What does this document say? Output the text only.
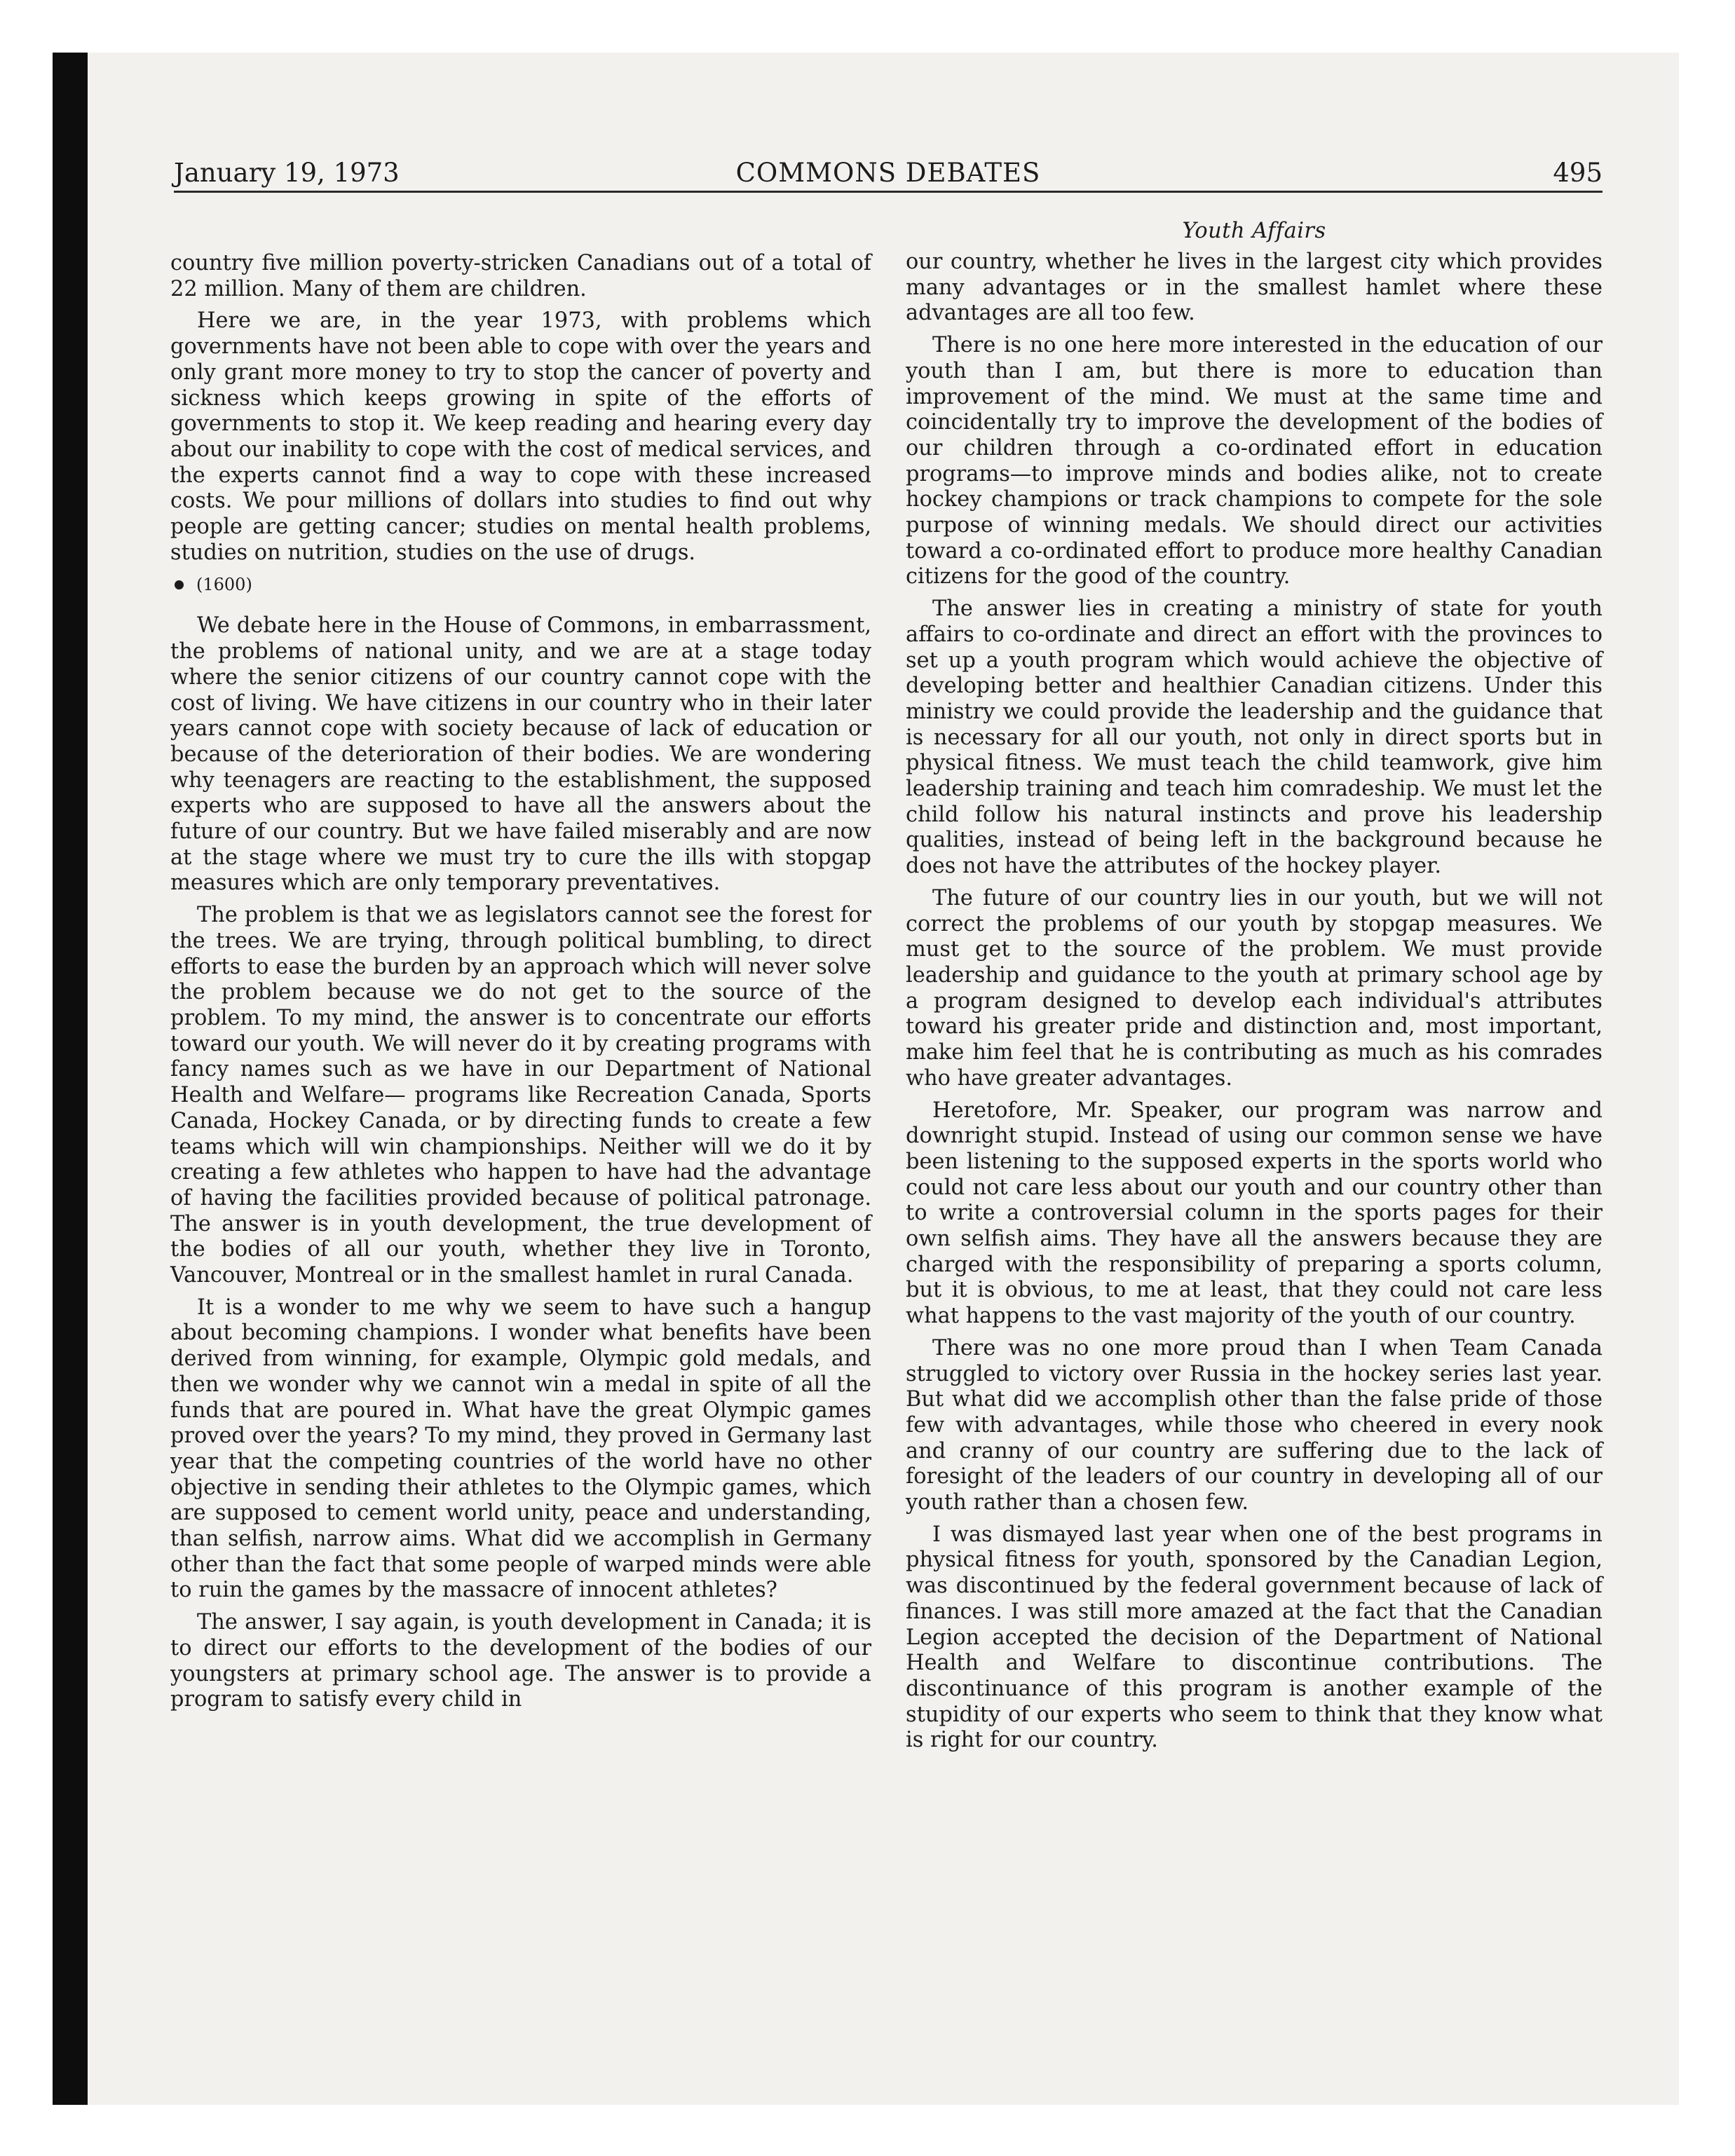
January 19, 1973	COMMONS DEBATES	495

country five million poverty-stricken Canadians out of a total of 22 million. Many of them are children.

Here we are, in the year 1973, with problems which governments have not been able to cope with over the years and only grant more money to try to stop the cancer of poverty and sickness which keeps growing in spite of the efforts of governments to stop it. We keep reading and hearing every day about our inability to cope with the cost of medical services, and the experts cannot find a way to cope with these increased costs. We pour millions of dollars into studies to find out why people are getting cancer; studies on mental health problems, studies on nutrition, studies on the use of drugs.

(1600)

We debate here in the House of Commons, in embarrassment, the problems of national unity, and we are at a stage today where the senior citizens of our country cannot cope with the cost of living. We have citizens in our country who in their later years cannot cope with society because of lack of education or because of the deterioration of their bodies. We are wondering why teenagers are reacting to the establishment, the supposed experts who are supposed to have all the answers about the future of our country. But we have failed miserably and are now at the stage where we must try to cure the ills with stopgap measures which are only temporary preventatives.

The problem is that we as legislators cannot see the forest for the trees. We are trying, through political bumbling, to direct efforts to ease the burden by an approach which will never solve the problem because we do not get to the source of the problem. To my mind, the answer is to concentrate our efforts toward our youth. We will never do it by creating programs with fancy names such as we have in our Department of National Health and Welfare— programs like Recreation Canada, Sports Canada, Hockey Canada, or by directing funds to create a few teams which will win championships. Neither will we do it by creating a few athletes who happen to have had the advantage of having the facilities provided because of political patronage. The answer is in youth development, the true development of the bodies of all our youth, whether they live in Toronto, Vancouver, Montreal or in the smallest hamlet in rural Canada.

It is a wonder to me why we seem to have such a hangup about becoming champions. I wonder what benefits have been derived from winning, for example, Olympic gold medals, and then we wonder why we cannot win a medal in spite of all the funds that are poured in. What have the great Olympic games proved over the years? To my mind, they proved in Germany last year that the competing countries of the world have no other objective in sending their athletes to the Olympic games, which are supposed to cement world unity, peace and understanding, than selfish, narrow aims. What did we accomplish in Germany other than the fact that some people of warped minds were able to ruin the games by the massacre of innocent athletes?

The answer, I say again, is youth development in Canada; it is to direct our efforts to the development of the bodies of our youngsters at primary school age. The answer is to provide a program to satisfy every child in

Youth Affairs

our country, whether he lives in the largest city which provides many advantages or in the smallest hamlet where these advantages are all too few.

There is no one here more interested in the education of our youth than I am, but there is more to education than improvement of the mind. We must at the same time and coincidentally try to improve the development of the bodies of our children through a co-ordinated effort in education programs—to improve minds and bodies alike, not to create hockey champions or track champions to compete for the sole purpose of winning medals. We should direct our activities toward a co-ordinated effort to produce more healthy Canadian citizens for the good of the country.

The answer lies in creating a ministry of state for youth affairs to co-ordinate and direct an effort with the provinces to set up a youth program which would achieve the objective of developing better and healthier Canadian citizens. Under this ministry we could provide the leadership and the guidance that is necessary for all our youth, not only in direct sports but in physical fitness. We must teach the child teamwork, give him leadership training and teach him comradeship. We must let the child follow his natural instincts and prove his leadership qualities, instead of being left in the background because he does not have the attributes of the hockey player.

The future of our country lies in our youth, but we will not correct the problems of our youth by stopgap measures. We must get to the source of the problem. We must provide leadership and guidance to the youth at primary school age by a program designed to develop each individual's attributes toward his greater pride and distinction and, most important, make him feel that he is contributing as much as his comrades who have greater advantages.

Heretofore, Mr. Speaker, our program was narrow and downright stupid. Instead of using our common sense we have been listening to the supposed experts in the sports world who could not care less about our youth and our country other than to write a controversial column in the sports pages for their own selfish aims. They have all the answers because they are charged with the responsibility of preparing a sports column, but it is obvious, to me at least, that they could not care less what happens to the vast majority of the youth of our country.

There was no one more proud than I when Team Canada struggled to victory over Russia in the hockey series last year. But what did we accomplish other than the false pride of those few with advantages, while those who cheered in every nook and cranny of our country are suffering due to the lack of foresight of the leaders of our country in developing all of our youth rather than a chosen few.

I was dismayed last year when one of the best programs in physical fitness for youth, sponsored by the Canadian Legion, was discontinued by the federal government because of lack of finances. I was still more amazed at the fact that the Canadian Legion accepted the decision of the Department of National Health and Welfare to discontinue contributions. The discontinuance of this program is another example of the stupidity of our experts who seem to think that they know what is right for our country.
